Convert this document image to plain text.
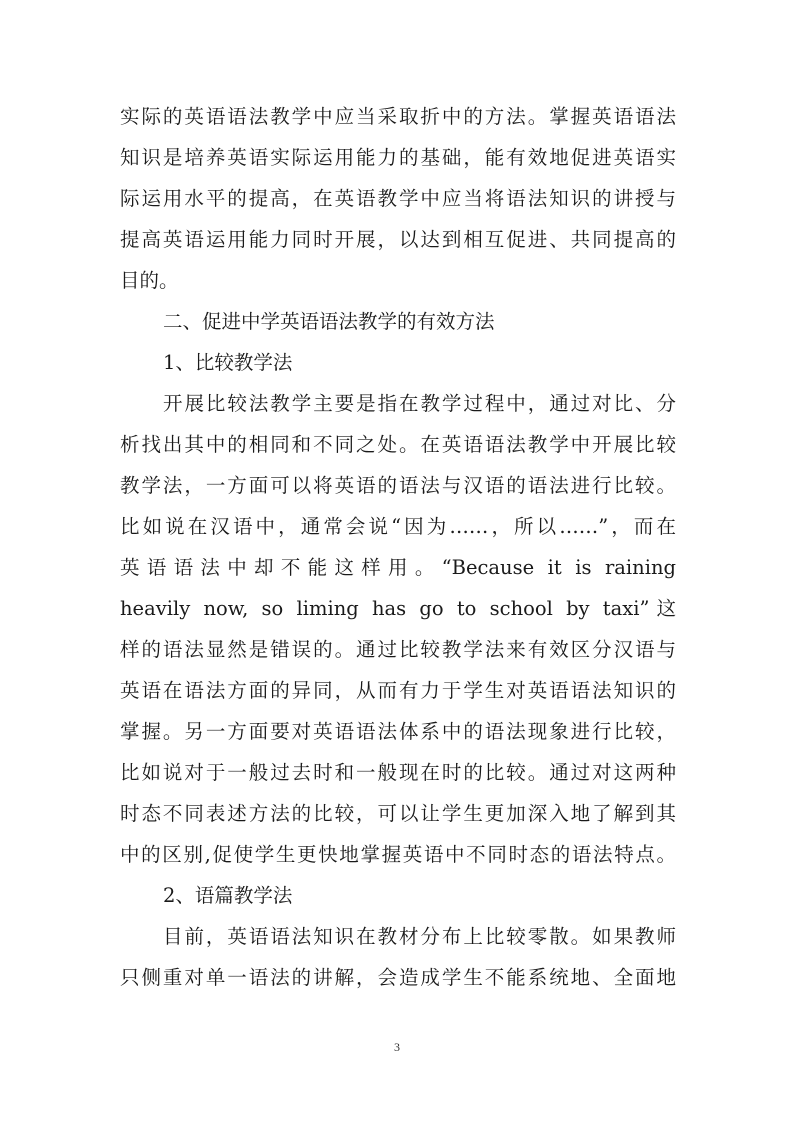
实际的英语语法教学中应当采取折中的方法。掌握英语语法
知识是培养英语实际运用能力的基础，能有效地促进英语实
际运用水平的提高，在英语教学中应当将语法知识的讲授与
提高英语运用能力同时开展，以达到相互促进、共同提高的
目的。
二、促进中学英语语法教学的有效方法
1、比较教学法
开展比较法教学主要是指在教学过程中，通过对比、分
析找出其中的相同和不同之处。在英语语法教学中开展比较
教学法，一方面可以将英语的语法与汉语的语法进行比较。
比如说在汉语中，通常会说“因为……，所以……”，而在
英语语法中却不能这样用。“Because it is raining
heavily now, so liming has go to school by taxi”这
样的语法显然是错误的。通过比较教学法来有效区分汉语与
英语在语法方面的异同，从而有力于学生对英语语法知识的
掌握。另一方面要对英语语法体系中的语法现象进行比较，
比如说对于一般过去时和一般现在时的比较。通过对这两种
时态不同表述方法的比较，可以让学生更加深入地了解到其
中的区别,促使学生更快地掌握英语中不同时态的语法特点。
2、语篇教学法
目前，英语语法知识在教材分布上比较零散。如果教师
只侧重对单一语法的讲解，会造成学生不能系统地、全面地
3
